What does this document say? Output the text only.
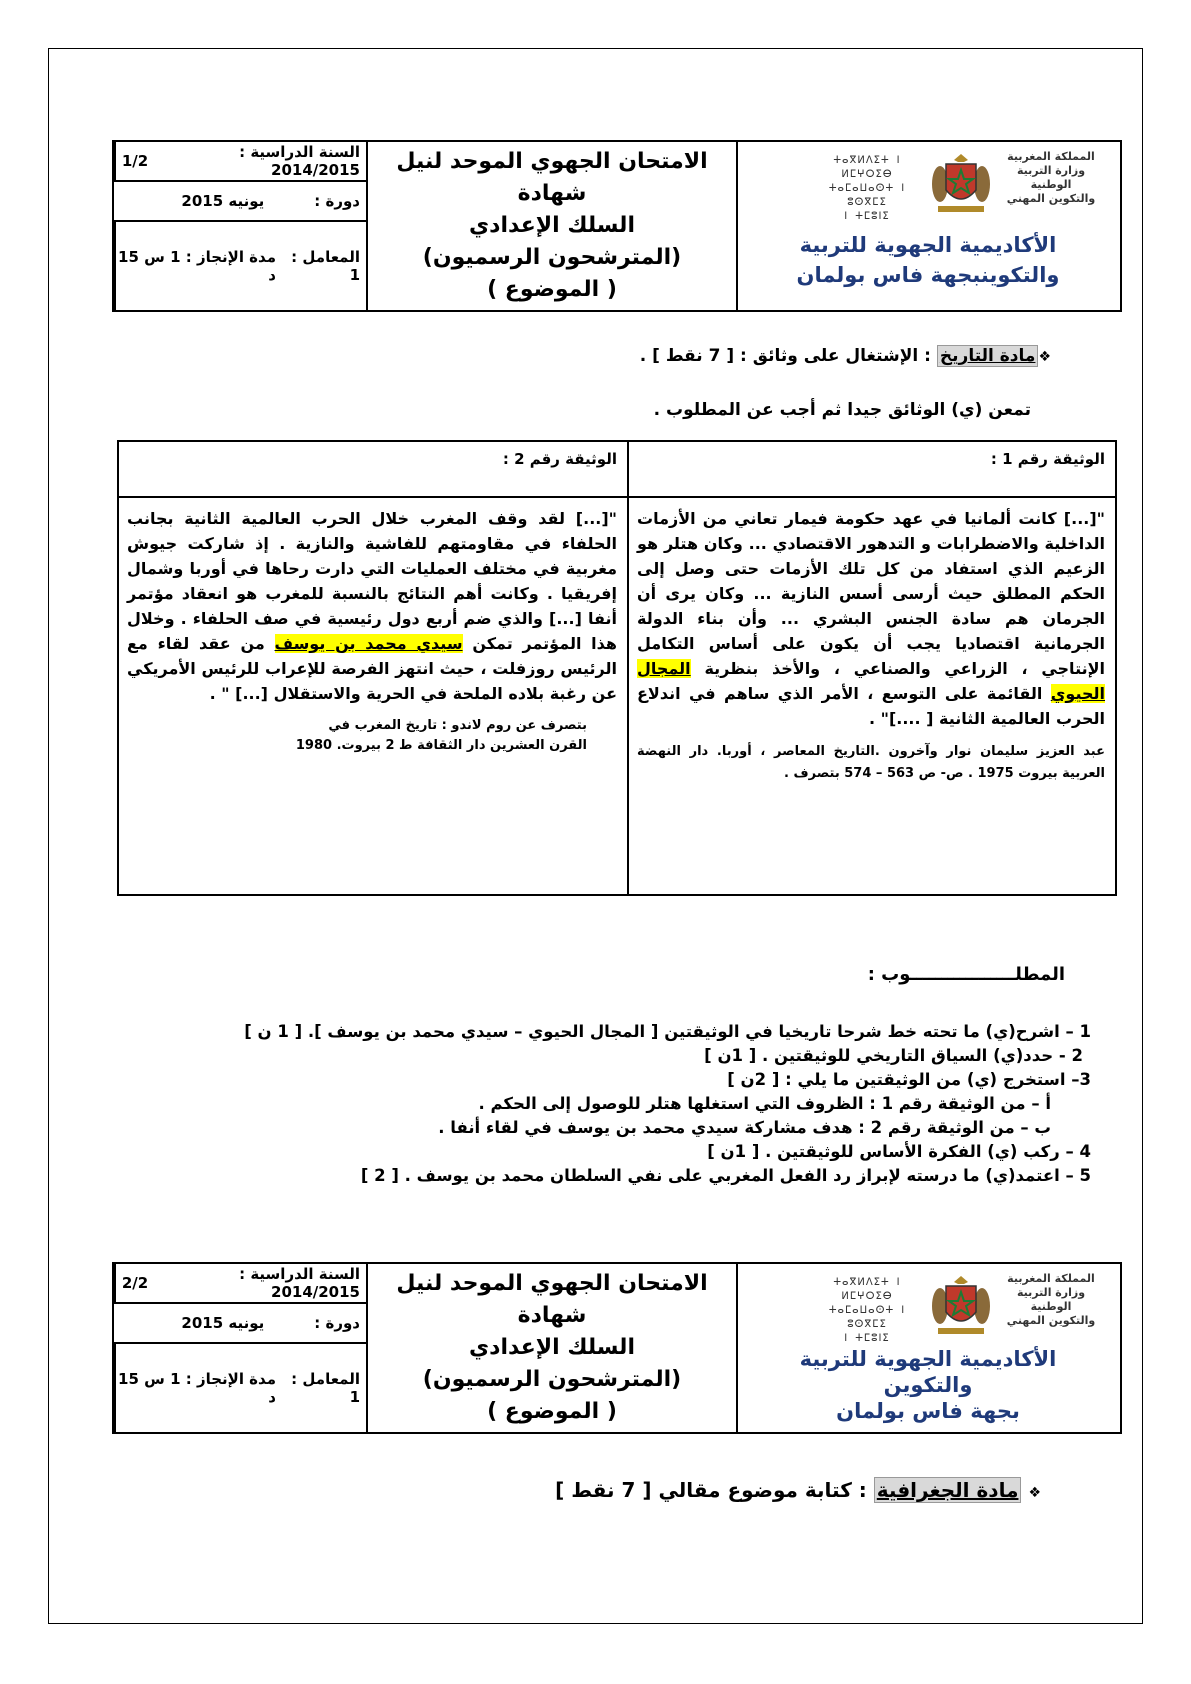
المملكة المغربية
وزارة التربية الوطنية
والتكوين المهني
ⵜⴰⴳⵍⴷⵉⵜ ⵏ ⵍⵎⵖⵔⵉⴱ
ⵜⴰⵎⴰⵡⴰⵙⵜ ⵏ ⵓⵙⴳⵎⵉ
ⵏ ⵜⵎⵓⵏⵉ
الأكاديمية الجهوية للتربية
والتكوينبجهة فاس بولمان
الامتحان الجهوي الموحد لنيل شهادة
السلك الإعدادي
(المترشحون الرسميون)
( الموضوع )
السنة الدراسية : 2014/2015
1/2
دورة :
يونيه 2015
المعامل : 1
مدة الإنجاز : 1 س 15 د
❖مادة التاريخ : الإشتغال على وثائق : [ 7 نقط ] .
تمعن (ي) الوثائق جيدا ثم أجب عن المطلوب .
الوثيقة رقم 1 :
"[...] كانت ألمانيا في عهد حكومة فيمار تعاني من الأزمات الداخلية والاضطرابات و التدهور الاقتصادي ... وكان هتلر هو الزعيم الذي استفاد من كل تلك الأزمات حتى وصل إلى الحكم المطلق حيث أرسى أسس النازية ... وكان يرى أن الجرمان هم سادة الجنس البشري ... وأن بناء الدولة الجرمانية اقتصاديا يجب أن يكون على أساس التكامل الإنتاجي ، الزراعي والصناعي ، والأخذ بنظرية المجال الحيوي القائمة على التوسع ، الأمر الذي ساهم في اندلاع الحرب العالمية الثانية [ ....]" .
عبد العزيز سليمان نوار وآخرون .التاريخ المعاصر ، أوربا. دار النهضة العربية بيروت 1975 . ص- ص 563 – 574 بتصرف .
الوثيقة رقم 2 :
"[...] لقد وقف المغرب خلال الحرب العالمية الثانية بجانب الحلفاء في مقاومتهم للفاشية والنازية . إذ شاركت جيوش مغربية في مختلف العمليات التي دارت رحاها في أوربا وشمال إفريقيا . وكانت أهم النتائج بالنسبة للمغرب هو انعقاد مؤتمر أنفا [...] والذي ضم أربع دول رئيسية في صف الحلفاء . وخلال هذا المؤتمر تمكن سيدي محمد بن يوسف من عقد لقاء مع الرئيس روزفلت ، حيث انتهز الفرصة للإعراب للرئيس الأمريكي عن رغبة بلاده الملحة في الحرية والاستقلال [...] " .
بتصرف عن روم لاندو : تاريخ المغرب في
القرن العشرين دار الثقافة ط 2 بيروت. 1980
المطلـــــــــــــــــوب :
1 – اشرح(ي) ما تحته خط شرحا تاريخيا في الوثيقتين [ المجال الحيوي – سيدي محمد بن يوسف ]. [ 1 ن ]
2 - حدد(ي) السياق التاريخي للوثيقتين . [ 1ن ]
3– استخرج (ي) من الوثيقتين ما يلي : [ 2ن ]
أ – من الوثيقة رقم 1 : الظروف التي استغلها هتلر للوصول إلى الحكم .
ب – من الوثيقة رقم 2 : هدف مشاركة سيدي محمد بن يوسف في لقاء أنفا .
4 – ركب (ي) الفكرة الأساس للوثيقتين . [ 1ن ]
5 – اعتمد(ي) ما درسته لإبراز رد الفعل المغربي على نفي السلطان محمد بن يوسف . [ 2 ]
المملكة المغربية
وزارة التربية الوطنية
والتكوين المهني
ⵜⴰⴳⵍⴷⵉⵜ ⵏ ⵍⵎⵖⵔⵉⴱ
ⵜⴰⵎⴰⵡⴰⵙⵜ ⵏ ⵓⵙⴳⵎⵉ
ⵏ ⵜⵎⵓⵏⵉ
الأكاديمية الجهوية للتربية
والتكوين
بجهة فاس بولمان
الامتحان الجهوي الموحد لنيل شهادة
السلك الإعدادي
(المترشحون الرسميون)
( الموضوع )
السنة الدراسية : 2014/2015
2/2
دورة :
يونيه 2015
المعامل : 1
مدة الإنجاز : 1 س 15 د
❖ مادة الجغرافية : كتابة موضوع مقالي [ 7 نقط ]
